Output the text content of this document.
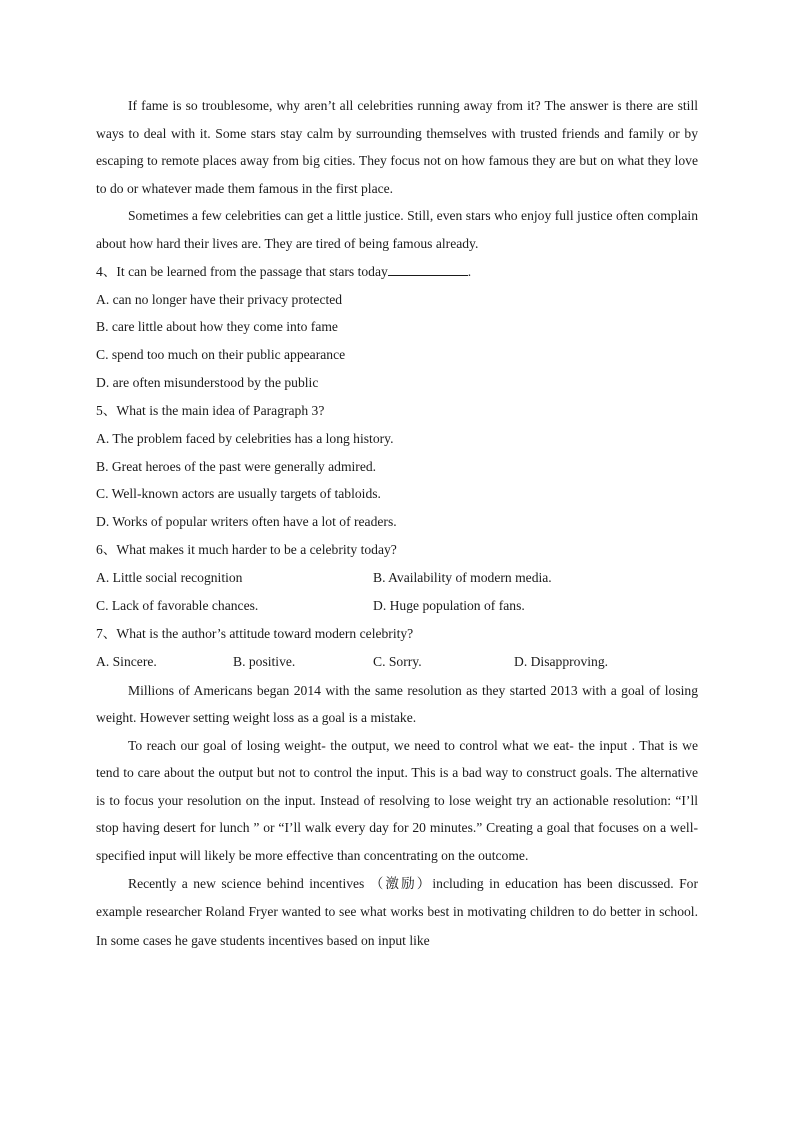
If fame is so troublesome, why aren’t all celebrities running away from it? The answer is there are still ways to deal with it. Some stars stay calm by surrounding themselves with trusted friends and family or by escaping to remote places away from big cities. They focus not on how famous they are but on what they love to do or whatever made them famous in the first place.

Sometimes a few celebrities can get a little justice. Still, even stars who enjoy full justice often complain about how hard their lives are. They are tired of being famous already.

4、It can be learned from the passage that stars today	.

A. can no longer have their privacy protected

B. care little about how they come into fame

C. spend too much on their public appearance

D. are often misunderstood by the public

5、What is the main idea of Paragraph 3?

A. The problem faced by celebrities has a long history.

B. Great heroes of the past were generally admired.

C. Well-known actors are usually targets of tabloids.

D. Works of popular writers often have a lot of readers.

6、What makes it much harder to be a celebrity today?

A. Little social recognition	B. Availability of modern media.
C. Lack of favorable chances.	D. Huge population of fans.

7、What is the author’s attitude toward modern celebrity?

A. Sincere.	B. positive.	C. Sorry.	D. Disapproving.

Millions of Americans began 2014 with the same resolution as they started 2013 with a goal of losing weight. However setting weight loss as a goal is a mistake.

To reach our goal of losing weight- the output, we need to control what we eat- the input . That is we tend to care about the output but not to control the input. This is a bad way to construct goals. The alternative is to focus your resolution on the input. Instead of resolving to lose weight try an actionable resolution: “I’ll stop having desert for lunch ” or “I’ll walk every day for 20 minutes.” Creating a goal that focuses on a well-specified input will likely be more effective than concentrating on the outcome.

Recently a new science behind incentives （激励）including in education has been discussed. For example researcher Roland Fryer wanted to see what works best in motivating children to do better in school. In some cases he gave students incentives based on input like
